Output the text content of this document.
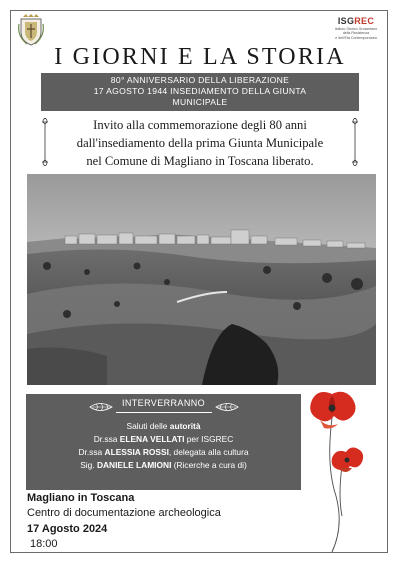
ISGREC
Istituto Storico Grossetano
della Resistenza
e dell'Età Contemporanea
I GIORNI E LA STORIA
80° ANNIVERSARIO DELLA LIBERAZIONE
17 AGOSTO 1944 INSEDIAMENTO DELLA GIUNTA
MUNICIPALE
Invito alla commemorazione degli 80 anni
dall'insediamento della prima Giunta Municipale
nel Comune di Magliano in Toscana liberato.
INTERVERRANNO
Saluti delle autorità
Dr.ssa ELENA VELLATI per ISGREC
Dr.ssa ALESSIA ROSSI, delegata alla cultura
Sig. DANIELE LAMIONI (Ricerche a cura di)
Magliano in Toscana
Centro di documentazione archeologica
17 Agosto 2024
18:00
